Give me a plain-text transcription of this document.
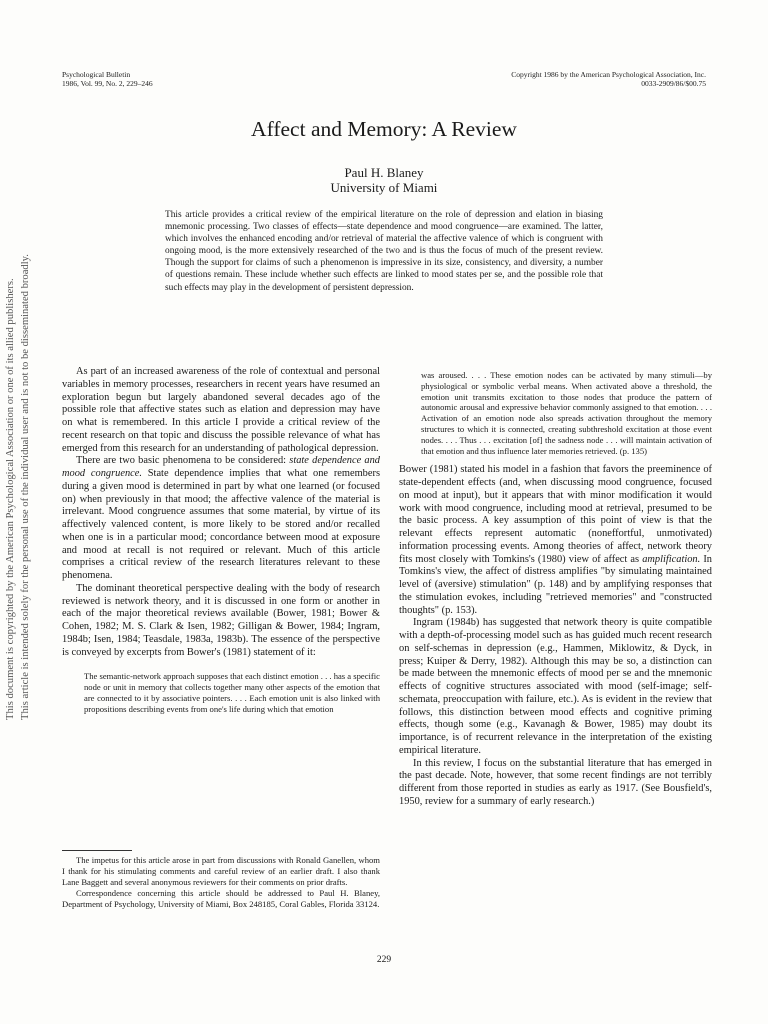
This document is copyrighted by the American Psychological Association or one of its allied publishers. This article is intended solely for the personal use of the individual user and is not to be disseminated broadly.
Psychological Bulletin
1986, Vol. 99, No. 2, 229–246
Copyright 1986 by the American Psychological Association, Inc.
0033-2909/86/$00.75
Affect and Memory: A Review
Paul H. Blaney
University of Miami
This article provides a critical review of the empirical literature on the role of depression and elation in biasing mnemonic processing. Two classes of effects—state dependence and mood congruence—are examined. The latter, which involves the enhanced encoding and/or retrieval of material the affective valence of which is congruent with ongoing mood, is the more extensively researched of the two and is thus the focus of much of the present review. Though the support for claims of such a phenomenon is impressive in its size, consistency, and diversity, a number of questions remain. These include whether such effects are linked to mood states per se, and the possible role that such effects may play in the development of persistent depression.

As part of an increased awareness of the role of contextual and personal variables in memory processes, researchers in recent years have resumed an exploration begun but largely abandoned several decades ago of the possible role that affective states such as elation and depression may have on what is remembered. In this article I provide a critical review of the recent research on that topic and discuss the possible relevance of what has emerged from this research for an understanding of pathological depression.

There are two basic phenomena to be considered: state dependence and mood congruence. State dependence implies that what one remembers during a given mood is determined in part by what one learned (or focused on) when previously in that mood; the affective valence of the material is irrelevant. Mood congruence assumes that some material, by virtue of its affectively valenced content, is more likely to be stored and/or recalled when one is in a particular mood; concordance between mood at exposure and mood at recall is not required or relevant. Much of this article comprises a critical review of the research literatures relevant to these phenomena.

The dominant theoretical perspective dealing with the body of research reviewed is network theory, and it is discussed in one form or another in each of the major theoretical reviews available (Bower, 1981; Bower & Cohen, 1982; M. S. Clark & Isen, 1982; Gilligan & Bower, 1984; Ingram, 1984b; Isen, 1984; Teasdale, 1983a, 1983b). The essence of the perspective is conveyed by excerpts from Bower's (1981) statement of it:

The semantic-network approach supposes that each distinct emotion . . . has a specific node or unit in memory that collects together many other aspects of the emotion that are connected to it by associative pointers. . . . Each emotion unit is also linked with propositions describing events from one's life during which that emotion
was aroused. . . . These emotion nodes can be activated by many stimuli—by physiological or symbolic verbal means. When activated above a threshold, the emotion unit transmits excitation to those nodes that produce the pattern of autonomic arousal and expressive behavior commonly assigned to that emotion. . . . Activation of an emotion node also spreads activation throughout the memory structures to which it is connected, creating subthreshold excitation at those event nodes. . . . Thus . . . excitation [of] the sadness node . . . will maintain activation of that emotion and thus influence later memories retrieved. (p. 135)

Bower (1981) stated his model in a fashion that favors the preeminence of state-dependent effects (and, when discussing mood congruence, focused on mood at input), but it appears that with minor modification it would work with mood congruence, including mood at retrieval, presumed to be the basic process. A key assumption of this point of view is that the relevant effects represent automatic (noneffortful, unmotivated) information processing events. Among theories of affect, network theory fits most closely with Tomkins's (1980) view of affect as amplification. In Tomkins's view, the affect of distress amplifies "by simulating maintained level of (aversive) stimulation" (p. 148) and by amplifying responses that the stimulation evokes, including "retrieved memories" and "constructed thoughts" (p. 153).

Ingram (1984b) has suggested that network theory is quite compatible with a depth-of-processing model such as has guided much recent research on self-schemas in depression (e.g., Hammen, Miklowitz, & Dyck, in press; Kuiper & Derry, 1982). Although this may be so, a distinction can be made between the mnemonic effects of mood per se and the mnemonic effects of cognitive structures associated with mood (self-image; self-schemata, preoccupation with failure, etc.). As is evident in the review that follows, this distinction between mood effects and cognitive priming effects, though some (e.g., Kavanagh & Bower, 1985) may doubt its importance, is of recurrent relevance in the interpretation of the existing empirical literature.

In this review, I focus on the substantial literature that has emerged in the past decade. Note, however, that some recent findings are not terribly different from those reported in studies as early as 1917. (See Bousfield's, 1950, review for a summary of early research.)

The impetus for this article arose in part from discussions with Ronald Ganellen, whom I thank for his stimulating comments and careful review of an earlier draft. I also thank Lane Baggett and several anonymous reviewers for their comments on prior drafts.

Correspondence concerning this article should be addressed to Paul H. Blaney, Department of Psychology, University of Miami, Box 248185, Coral Gables, Florida 33124.

229
